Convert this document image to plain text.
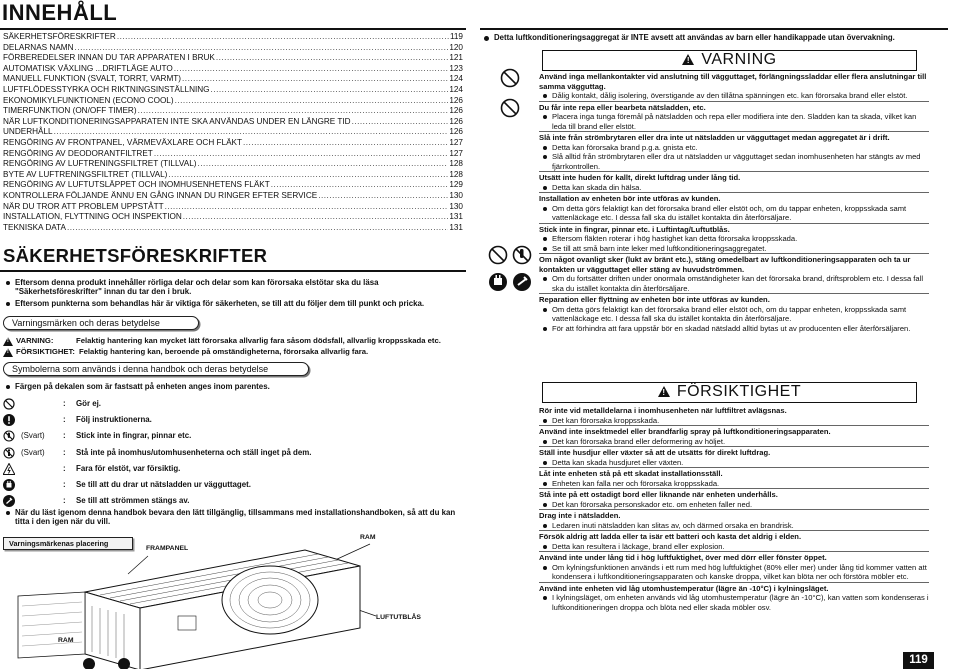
INNEHÅLL
SÄKERHETSFÖRESKRIFTER .....	119
DELARNAS NAMN .....	120
FÖRBEREDELSER INNAN DU TAR APPARATEN I BRUK .....	121
AUTOMATISK VÄXLING ...DRIFTLÄGE AUTO .....	123
MANUELL FUNKTION (SVALT, TORRT, VARMT) .....	124
LUFTFLÖDESSTYRKA OCH RIKTNINGSINSTÄLLNING .....	124
EKONOMIKYLFUNKTIONEN (ECONO COOL) .....	126
TIMERFUNKTION (ON/OFF TIMER) .....	126
NÄR LUFTKONDITIONERINGSAPPARATEN INTE SKA ANVÄNDAS UNDER EN LÄNGRE TID .....	126
UNDERHÅLL .....	126
RENGÖRING AV FRONTPANEL, VÄRMEVÄXLARE OCH FLÄKT .....	127
RENGÖRING AV DEODORANTFILTRET .....	127
RENGÖRING AV LUFTRENINGSFILTRET (TILLVAL) .....	128
BYTE AV LUFTRENINGSFILTRET (TILLVAL) .....	128
RENGÖRING AV LUFTUTSLÄPPET OCH INOMHUSENHETENS FLÄKT .....	129
KONTROLLERA FÖLJANDE ÄNNU EN GÅNG INNAN DU RINGER EFTER SERVICE .....	130
NÄR DU TROR ATT PROBLEM UPPSTÅTT .....	130
INSTALLATION, FLYTTNING OCH INSPEKTION .....	131
TEKNISKA DATA .....	131
SÄKERHETSFÖRESKRIFTER
Eftersom denna produkt innehåller rörliga delar och delar som kan förorsaka elstötar ska du läsa "Säkerhetsföreskrifter" innan du tar den i bruk.
Eftersom punkterna som behandlas här är viktiga för säkerheten, se till att du följer dem till punkt och pricka.
Varningsmärken och deras betydelse
!
VARNING:	Felaktig hantering kan mycket lätt förorsaka allvarlig fara såsom dödsfall, allvarlig kroppsskada etc.
!
FÖRSIKTIGHET: Felaktig hantering kan, beroende på omständigheterna, förorsaka allvarlig fara.
Symbolerna som används i denna handbok och deras betydelse
Färgen på dekalen som är fastsatt på enheten anges inom parentes.
: Gör ej.
: Följ instruktionerna.
(Svart) : Stick inte in fingrar, pinnar etc.
(Svart) : Stå inte på inomhus/utomhusenheterna och ställ inget på dem.
: Fara för elstöt, var försiktig.
: Se till att du drar ut nätsladden ur vägguttaget.
: Se till att strömmen stängs av.
När du läst igenom denna handbok bevara den lätt tillgänglig, tillsammans med installationshandboken, så att du kan titta i den igen när du vill.
Varningsmärkenas placering
FRAMPANEL
RAM
RAM
LUFTUTBLÅS
Detta luftkonditioneringsaggregat är INTE avsett att användas av barn eller handikappade utan övervakning.
!VARNING
Använd inga mellankontakter vid anslutning till vägguttaget, förlängningssladdar eller flera anslutningar till samma vägguttag.
Dålig kontakt, dålig isolering, överstigande av den tillåtna spänningen etc. kan förorsaka brand eller elstöt.
Du får inte repa eller bearbeta nätsladden, etc.
Placera inga tunga föremål på nätsladden och repa eller modifiera inte den. Sladden kan ta skada, vilket kan leda till brand eller elstöt.
Slå inte från strömbrytaren eller dra inte ut nätsladden ur vägguttaget medan aggregatet är i drift.
Detta kan förorsaka brand p.g.a. gnista etc.
Slå alltid från strömbrytaren eller dra ut nätsladden ur vägguttaget sedan inomhusenheten har stängts av med fjärrkontrollen.
Utsätt inte huden för kallt, direkt luftdrag under lång tid.
Detta kan skada din hälsa.
Installation av enheten bör inte utföras av kunden.
Om detta görs felaktigt kan det förorsaka brand eller elstöt och, om du tappar enheten, kroppsskada samt vattenläckage etc. I dessa fall ska du istället kontakta din återförsäljare.
Stick inte in fingrar, pinnar etc. i Luftintag/Luftutblås.
Eftersom fläkten roterar i hög hastighet kan detta förorsaka kroppsskada.
Se till att små barn inte leker med luftkonditioneringsaggregatet.
Om något ovanligt sker (lukt av bränt etc.), stäng omedelbart av luftkonditioneringsapparaten och ta ur kontakten ur vägguttaget eller stäng av huvudströmmen.
Om du fortsätter driften under onormala omständigheter kan det förorsaka brand, driftsproblem etc. I dessa fall ska du istället kontakta din återförsäljare.
Reparation eller flyttning av enheten bör inte utföras av kunden.
Om detta görs felaktigt kan det förorsaka brand eller elstöt och, om du tappar enheten, kroppsskada samt vattenläckage etc. I dessa fall ska du istället kontakta din återförsäljare.
För att förhindra att fara uppstår bör en skadad nätsladd alltid bytas ut av producenten eller återförsäljaren.
!FÖRSIKTIGHET
Rör inte vid metalldelarna i inomhusenheten när luftfiltret avlägsnas.
Det kan förorsaka kroppsskada.
Använd inte insektmedel eller brandfarlig spray på luftkonditioneringsapparaten.
Det kan förorsaka brand eller deformering av höljet.
Ställ inte husdjur eller växter så att de utsätts för direkt luftdrag.
Detta kan skada husdjuret eller växten.
Låt inte enheten stå på ett skadat installationsställ.
Enheten kan falla ner och förorsaka kroppsskada.
Stå inte på ett ostadigt bord eller liknande när enheten underhålls.
Det kan förorsaka personskador etc. om enheten faller ned.
Drag inte i nätsladden.
Ledaren inuti nätsladden kan slitas av, och därmed orsaka en brandrisk.
Försök aldrig att ladda eller ta isär ett batteri och kasta det aldrig i elden.
Detta kan resultera i läckage, brand eller explosion.
Använd inte under lång tid i hög luftfuktighet, över med dörr eller fönster öppet.
Om kylningsfunktionen används i ett rum med hög luftfuktighet (80% eller mer) under lång tid kommer vatten att kondensera i luftkonditioneringsapparaten och kanske droppa, vilket kan blöta ner och förstöra möbler etc.
Använd inte enheten vid låg utomhustemperatur (lägre än -10°C) i kylningsläget.
I kylningsläget, om enheten används vid låg utomhustemperatur (lägre än -10°C), kan vatten som kondenseras i luftkonditioneringen droppa och blöta ned eller skada möbler osv.
119
